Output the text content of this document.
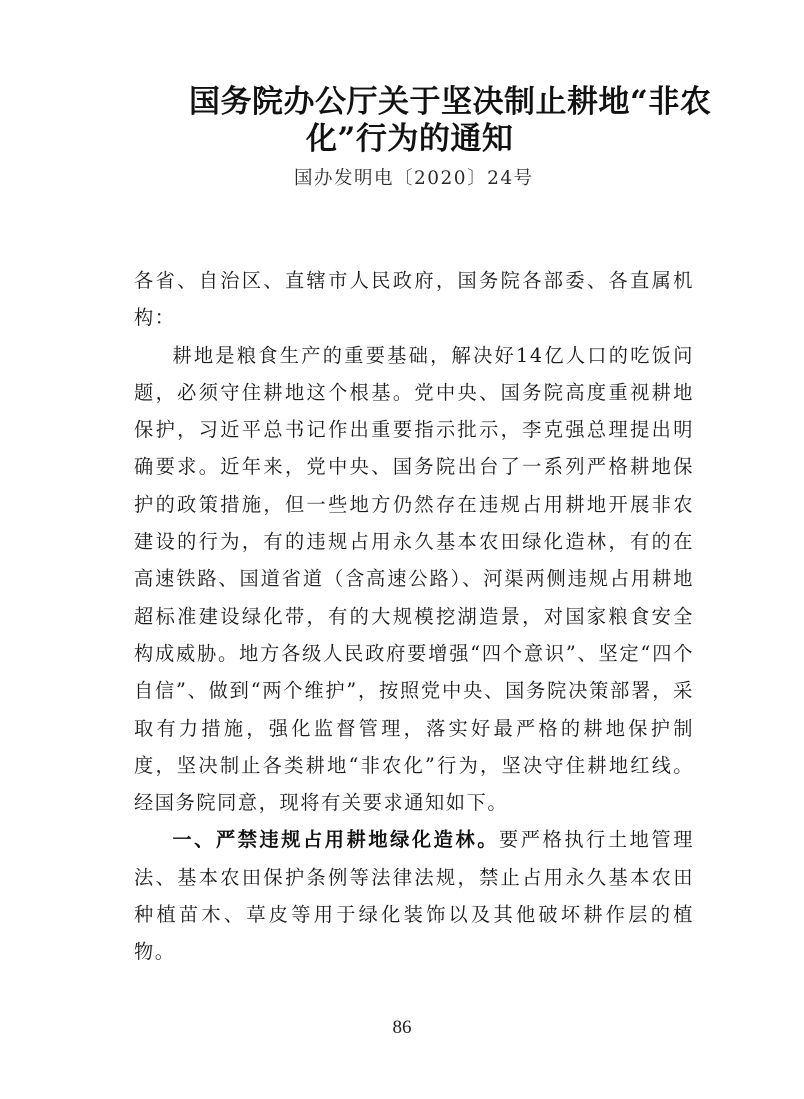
国务院办公厅关于坚决制止耕地“非农
化”行为的通知
国办发明电〔2020〕24号

各省、自治区、直辖市人民政府，国务院各部委、各直属机构：

耕地是粮食生产的重要基础，解决好14亿人口的吃饭问题，必须守住耕地这个根基。党中央、国务院高度重视耕地保护，习近平总书记作出重要指示批示，李克强总理提出明确要求。近年来，党中央、国务院出台了一系列严格耕地保护的政策措施，但一些地方仍然存在违规占用耕地开展非农建设的行为，有的违规占用永久基本农田绿化造林，有的在高速铁路、国道省道（含高速公路）、河渠两侧违规占用耕地超标准建设绿化带，有的大规模挖湖造景，对国家粮食安全构成威胁。地方各级人民政府要增强“四个意识”、坚定“四个自信”、做到“两个维护”，按照党中央、国务院决策部署，采取有力措施，强化监督管理，落实好最严格的耕地保护制度，坚决制止各类耕地“非农化”行为，坚决守住耕地红线。经国务院同意，现将有关要求通知如下。

一、严禁违规占用耕地绿化造林。要严格执行土地管理法、基本农田保护条例等法律法规，禁止占用永久基本农田种植苗木、草皮等用于绿化装饰以及其他破坏耕作层的植物。

86
